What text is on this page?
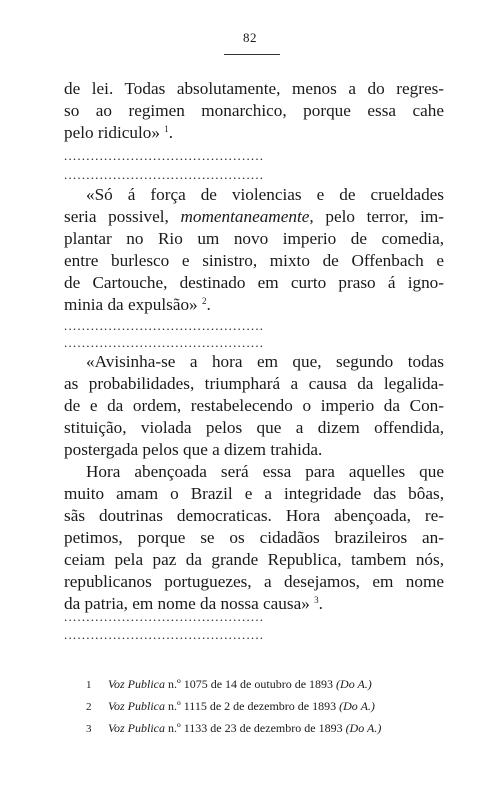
82
de lei. Todas absolutamente, menos a do regres-
so ao regimen monarchico, porque essa cahe
pelo ridiculo» $^1$.
.............................................
.............................................
«Só á força de violencias e de crueldades
seria possivel, momentaneamente, pelo terror, im-
plantar no Rio um novo imperio de comedia,
entre burlesco e sinistro, mixto de Offenbach e
de Cartouche, destinado em curto praso á igno-
minia da expulsão» $^2$.
.............................................
.............................................
«Avisinha-se a hora em que, segundo todas
as probabilidades, triumphará a causa da legalida-
de e da ordem, restabelecendo o imperio da Con-
stituição, violada pelos que a dizem offendida,
postergada pelos que a dizem trahida.
Hora abençoada será essa para aquelles que
muito amam o Brazil e a integridade das bôas,
sãs doutrinas democraticas. Hora abençoada, re-
petimos, porque se os cidadãos brazileiros an-
ceiam pela paz da grande Republica, tambem nós,
republicanos portuguezes, a desejamos, em nome
da patria, em nome da nossa causa» $^3$.
.............................................
.............................................
1 Voz Publica n.º 1075 de 14 de outubro de 1893 (Do A.)
2 Voz Publica n.º 1115 de 2 de dezembro de 1893 (Do A.)
3 Voz Publica n.º 1133 de 23 de dezembro de 1893 (Do A.)
